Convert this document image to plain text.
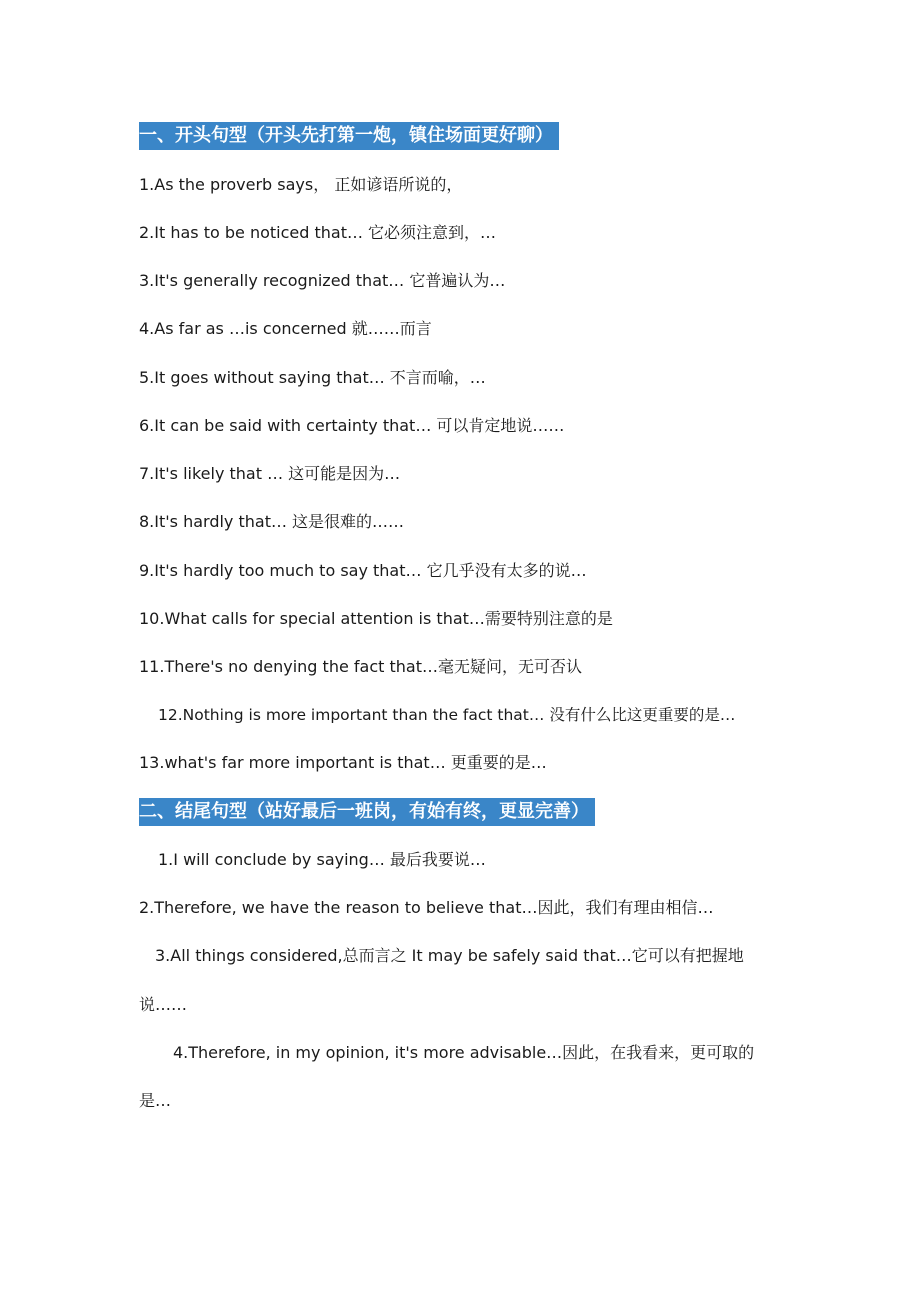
一、开头句型（开头先打第一炮，镇住场面更好聊）
1.As the proverb says， 正如谚语所说的，
2.It has to be noticed that… 它必须注意到，…
3.It's generally recognized that… 它普遍认为…
4.As far as …is concerned 就……而言
5.It goes without saying that… 不言而喻，…
6.It can be said with certainty that… 可以肯定地说……
7.It's likely that … 这可能是因为…
8.It's hardly that… 这是很难的……
9.It's hardly too much to say that… 它几乎没有太多的说…
10.What calls for special attention is that…需要特别注意的是
11.There's no denying the fact that…毫无疑问，无可否认
12.Nothing is more important than the fact that… 没有什么比这更重要的是…
13.what's far more important is that… 更重要的是…
二、结尾句型（站好最后一班岗，有始有终，更显完善）
1.I will conclude by saying… 最后我要说…
2.Therefore, we have the reason to believe that…因此，我们有理由相信…
3.All things considered,总而言之 It may be safely said that…它可以有把握地
说……
4.Therefore, in my opinion, it's more advisable…因此，在我看来，更可取的
是…
